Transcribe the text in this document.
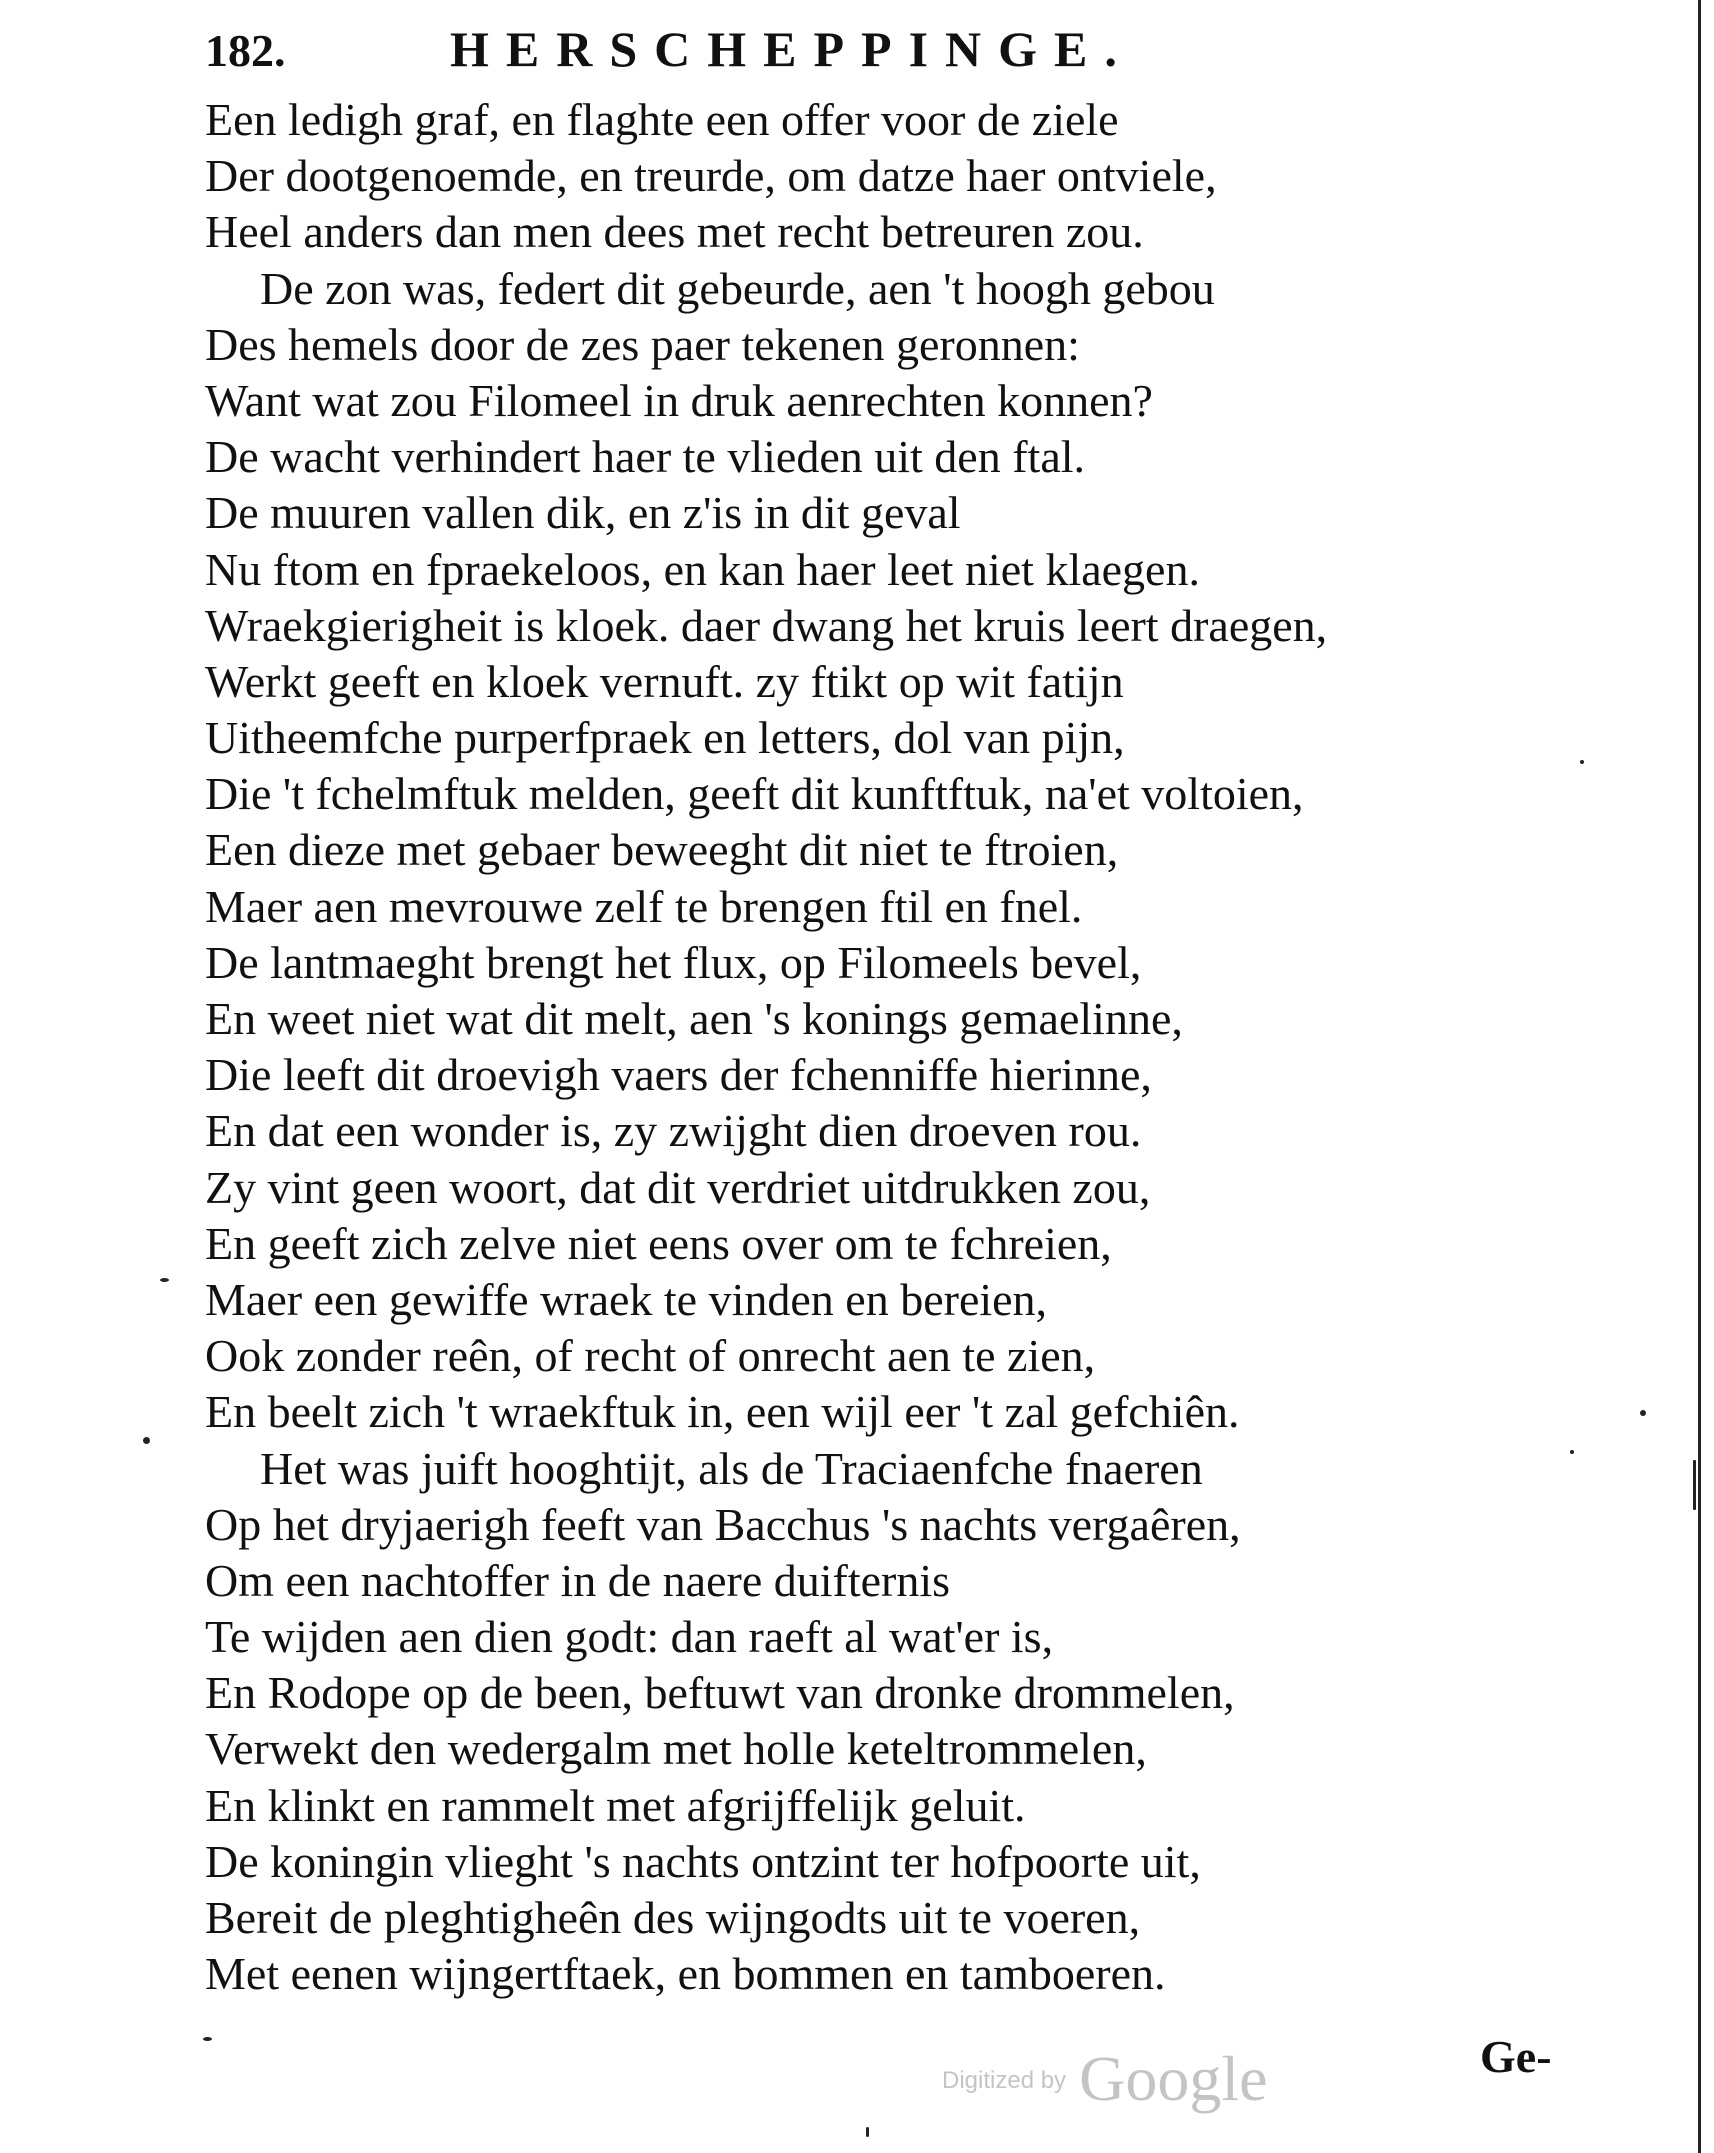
182.	HERSCHEPPINGE.
Een ledigh graf, en flaghte een offer voor de ziele
Der dootgenoemde, en treurde, om datze haer ontviele,
Heel anders dan men dees met recht betreuren zou.
De zon was, federt dit gebeurde, aen 't hoogh gebou
Des hemels door de zes paer tekenen geronnen:
Want wat zou Filomeel in druk aenrechten konnen?
De wacht verhindert haer te vlieden uit den ftal.
De muuren vallen dik, en z'is in dit geval
Nu ftom en fpraekeloos, en kan haer leet niet klaegen.
Wraekgierigheit is kloek. daer dwang het kruis leert draegen,
Werkt geeft en kloek vernuft. zy ftikt op wit fatijn
Uitheemfche purperfpraek en letters, dol van pijn,
Die 't fchelmftuk melden, geeft dit kunftftuk, na'et voltoien,
Een dieze met gebaer beweeght dit niet te ftroien,
Maer aen mevrouwe zelf te brengen ftil en fnel.
De lantmaeght brengt het flux, op Filomeels bevel,
En weet niet wat dit melt, aen 's konings gemaelinne,
Die leeft dit droevigh vaers der fchenniffe hierinne,
En dat een wonder is, zy zwijght dien droeven rou.
Zy vint geen woort, dat dit verdriet uitdrukken zou,
En geeft zich zelve niet eens over om te fchreien,
Maer een gewiffe wraek te vinden en bereien,
Ook zonder reên, of recht of onrecht aen te zien,
En beelt zich 't wraekftuk in, een wijl eer 't zal gefchiên.
Het was juift hooghtijt, als de Traciaenfche fnaeren
Op het dryjaerigh feeft van Bacchus 's nachts vergaêren,
Om een nachtoffer in de naere duifternis
Te wijden aen dien godt: dan raeft al wat'er is,
En Rodope op de been, beftuwt van dronke drommelen,
Verwekt den wedergalm met holle keteltrommelen,
En klinkt en rammelt met afgrijffelijk geluit.
De koningin vlieght 's nachts ontzint ter hofpoorte uit,
Bereit de pleghtigheên des wijngodts uit te voeren,
Met eenen wijngertftaek, en bommen en tamboeren.
Ge-
Digitized by Google
